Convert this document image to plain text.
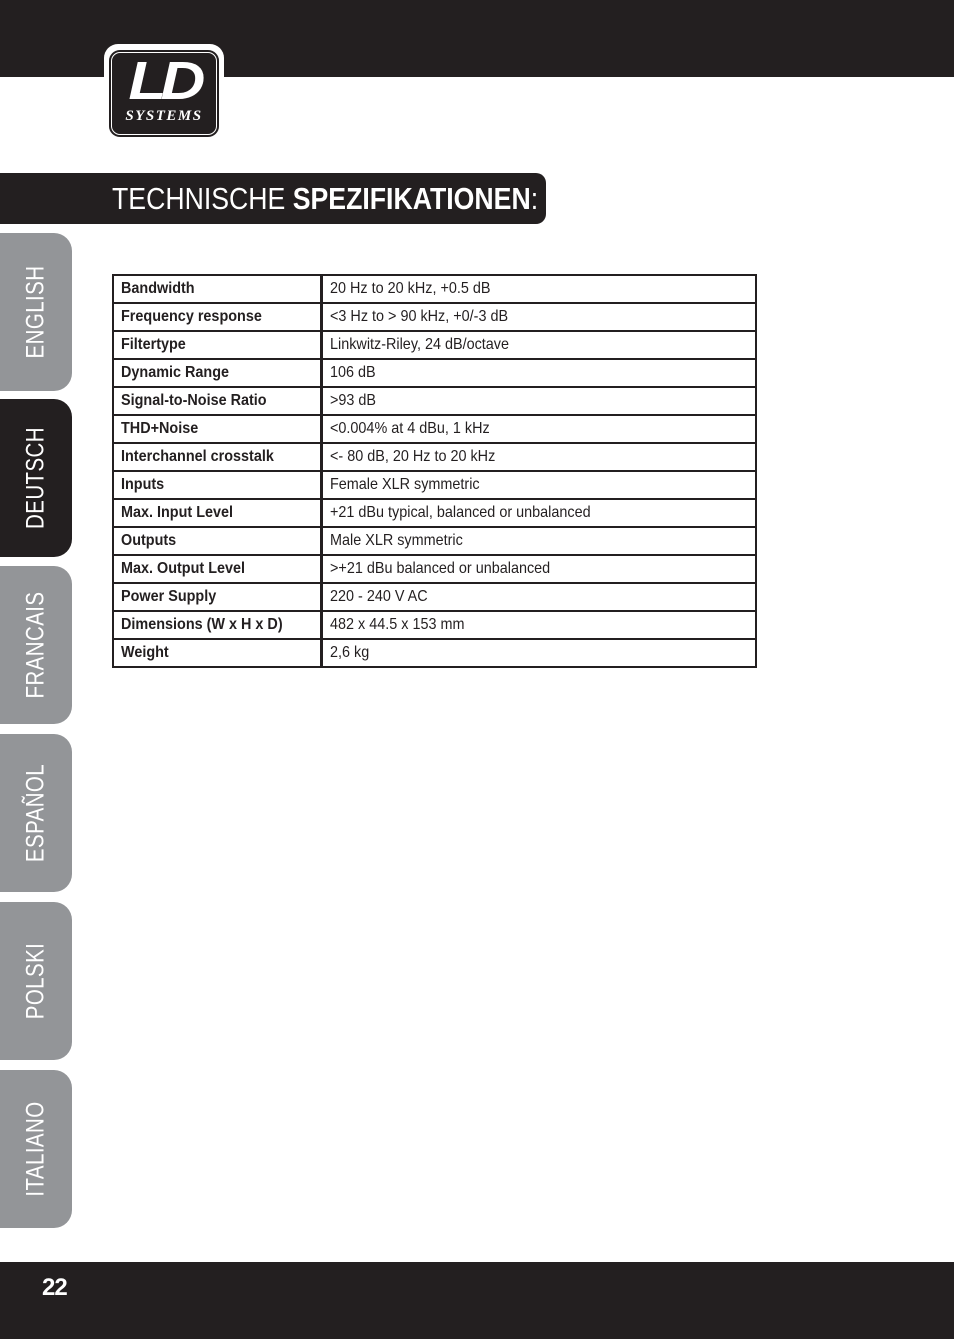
LD
SYSTEMS
TECHNISCHE SPEZIFIKATIONEN:
ENGLISH
DEUTSCH
FRANCAIS
ESPAÑOL
POLSKI
ITALIANO
Bandwidth	20 Hz to 20 kHz, +0.5 dB
Frequency response	<3 Hz to > 90 kHz, +0/-3 dB
Filtertype	Linkwitz-Riley, 24 dB/octave
Dynamic Range	106 dB
Signal-to-Noise Ratio	>93 dB
THD+Noise	<0.004% at 4 dBu, 1 kHz
Interchannel crosstalk	<- 80 dB, 20 Hz to 20 kHz
Inputs	Female XLR symmetric
Max. Input Level	+21 dBu typical, balanced or unbalanced
Outputs	Male XLR symmetric
Max. Output Level	>+21 dBu balanced or unbalanced
Power Supply	220 - 240 V AC
Dimensions (W x H x D)	482 x 44.5 x 153 mm
Weight	2,6 kg
22
